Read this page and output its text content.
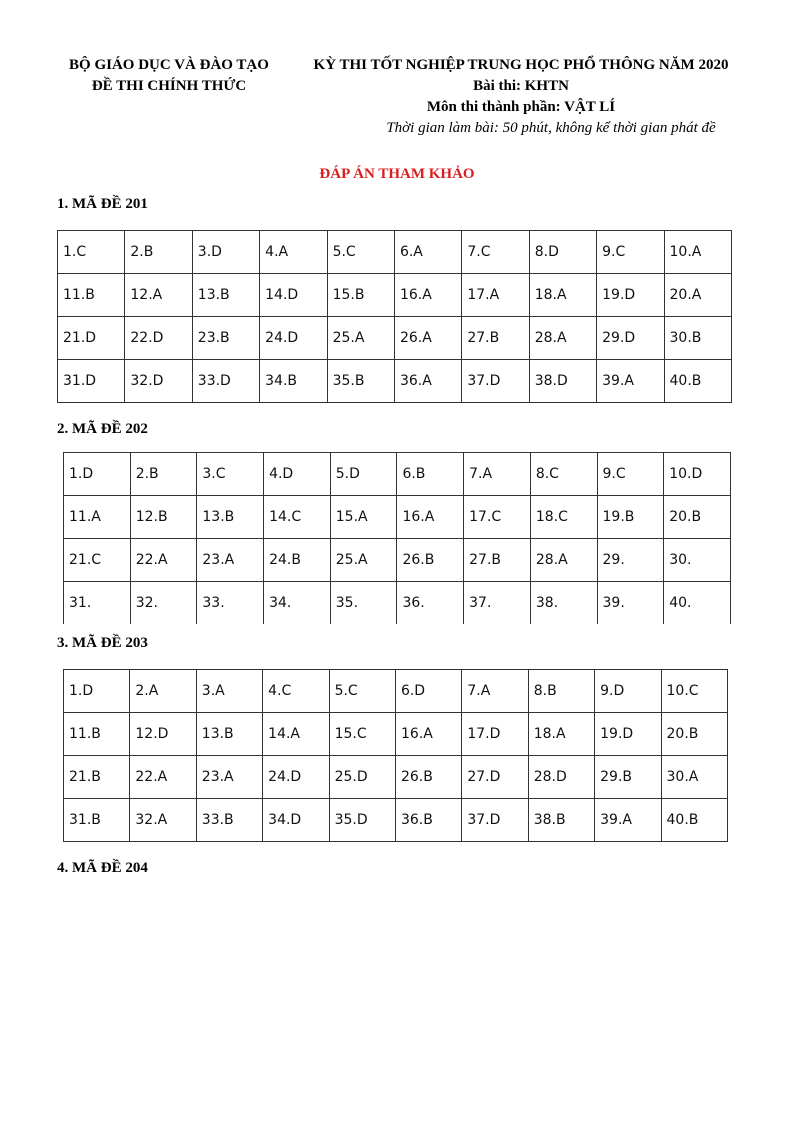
BỘ GIÁO DỤC VÀ ĐÀO TẠO
ĐỀ THI CHÍNH THỨC
KỲ THI TỐT NGHIỆP TRUNG HỌC PHỔ THÔNG NĂM 2020
Bài thi: KHTN
Môn thi thành phần: VẬT LÍ
Thời gian làm bài: 50 phút, không kể thời gian phát đề
ĐÁP ÁN THAM KHẢO
1. MÃ ĐỀ 201
1.C	2.B	3.D	4.A	5.C	6.A	7.C	8.D	9.C	10.A
11.B	12.A	13.B	14.D	15.B	16.A	17.A	18.A	19.D	20.A
21.D	22.D	23.B	24.D	25.A	26.A	27.B	28.A	29.D	30.B
31.D	32.D	33.D	34.B	35.B	36.A	37.D	38.D	39.A	40.B
2. MÃ ĐỀ 202
1.D	2.B	3.C	4.D	5.D	6.B	7.A	8.C	9.C	10.D
11.A	12.B	13.B	14.C	15.A	16.A	17.C	18.C	19.B	20.B
21.C	22.A	23.A	24.B	25.A	26.B	27.B	28.A	29.	30.
31.	32.	33.	34.	35.	36.	37.	38.	39.	40.
3. MÃ ĐỀ 203
1.D	2.A	3.A	4.C	5.C	6.D	7.A	8.B	9.D	10.C
11.B	12.D	13.B	14.A	15.C	16.A	17.D	18.A	19.D	20.B
21.B	22.A	23.A	24.D	25.D	26.B	27.D	28.D	29.B	30.A
31.B	32.A	33.B	34.D	35.D	36.B	37.D	38.B	39.A	40.B
4. MÃ ĐỀ 204
